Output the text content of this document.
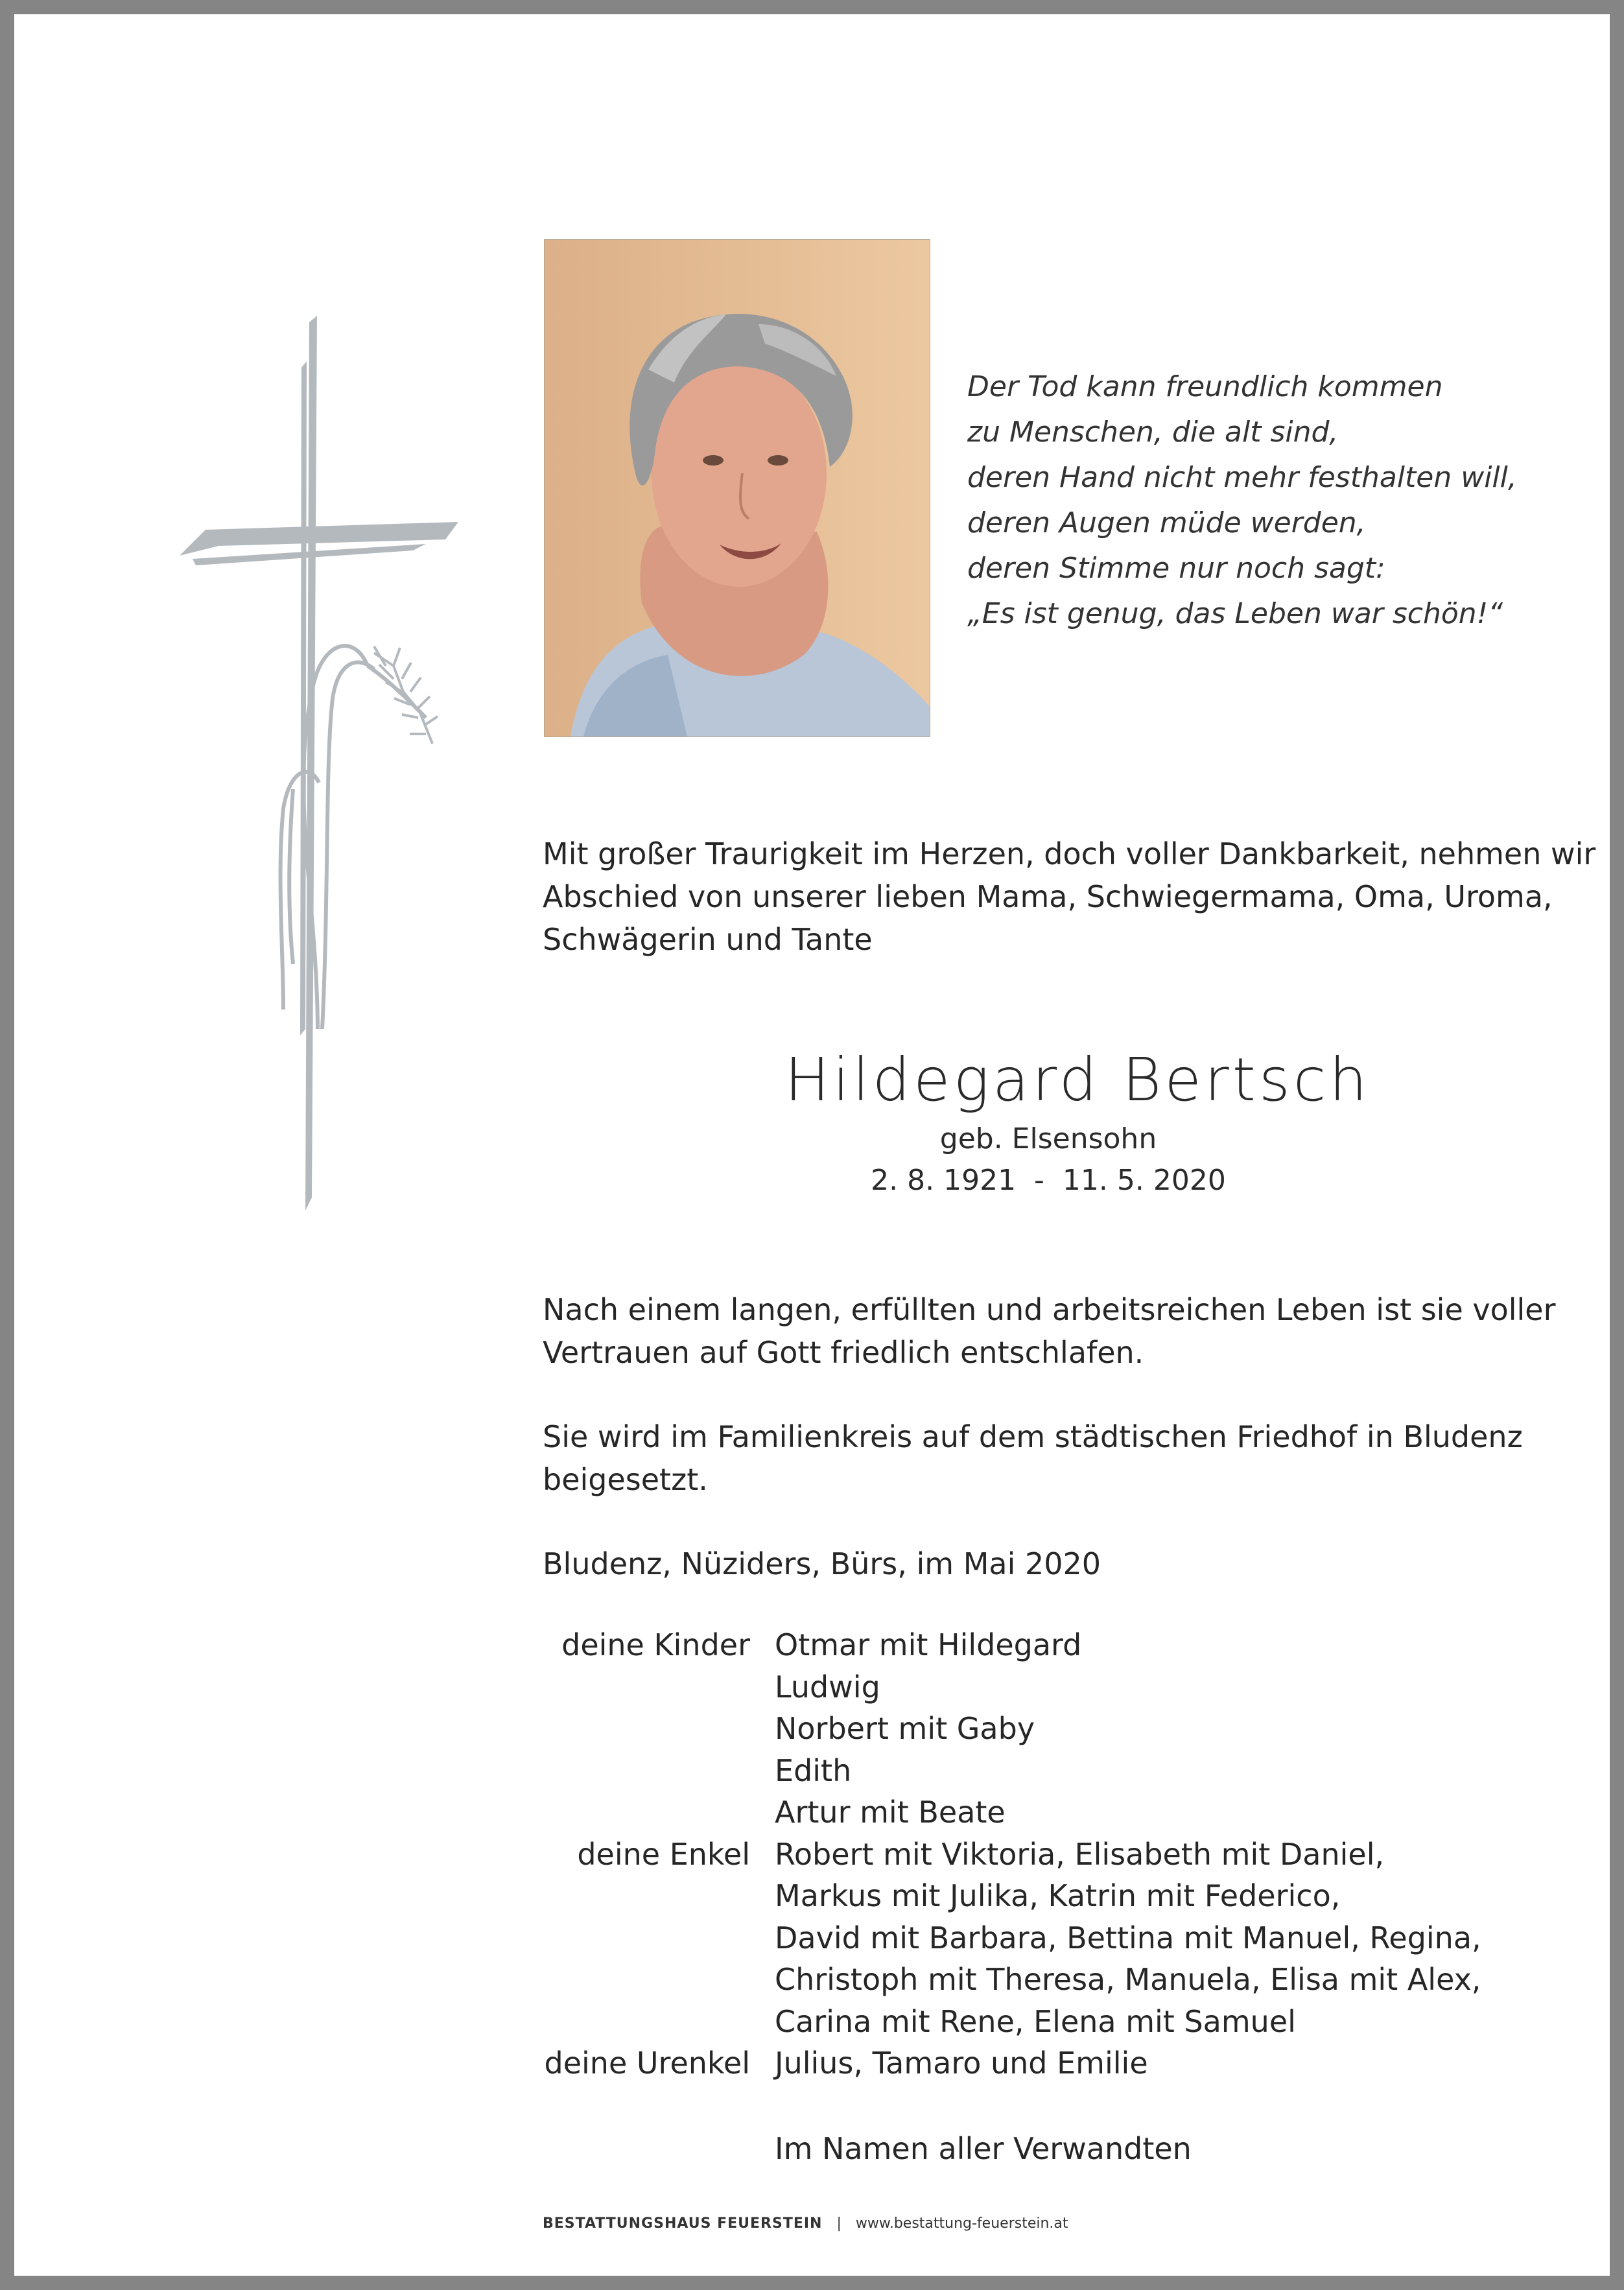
Der Tod kann freundlich kommen
zu Menschen, die alt sind,
deren Hand nicht mehr festhalten will,
deren Augen müde werden,
deren Stimme nur noch sagt:
„Es ist genug, das Leben war schön!“
Mit großer Traurigkeit im Herzen, doch voller Dankbarkeit, nehmen wir
Abschied von unserer lieben Mama, Schwiegermama, Oma, Uroma,
Schwägerin und Tante
Hildegard Bertsch
geb. Elsensohn
2. 8. 1921  -  11. 5. 2020
Nach einem langen, erfüllten und arbeitsreichen Leben ist sie voller
Vertrauen auf Gott friedlich entschlafen.
Sie wird im Familienkreis auf dem städtischen Friedhof in Bludenz
beigesetzt.
Bludenz, Nüziders, Bürs, im Mai 2020
deine Kinder Otmar mit Hildegard
Ludwig
Norbert mit Gaby
Edith
Artur mit Beate
deine Enkel Robert mit Viktoria, Elisabeth mit Daniel,
Markus mit Julika, Katrin mit Federico,
David mit Barbara, Bettina mit Manuel, Regina,
Christoph mit Theresa, Manuela, Elisa mit Alex,
Carina mit Rene, Elena mit Samuel
deine Urenkel Julius, Tamaro und Emilie
Im Namen aller Verwandten
BESTATTUNGSHAUS FEUERSTEIN | www.bestattung-feuerstein.at
